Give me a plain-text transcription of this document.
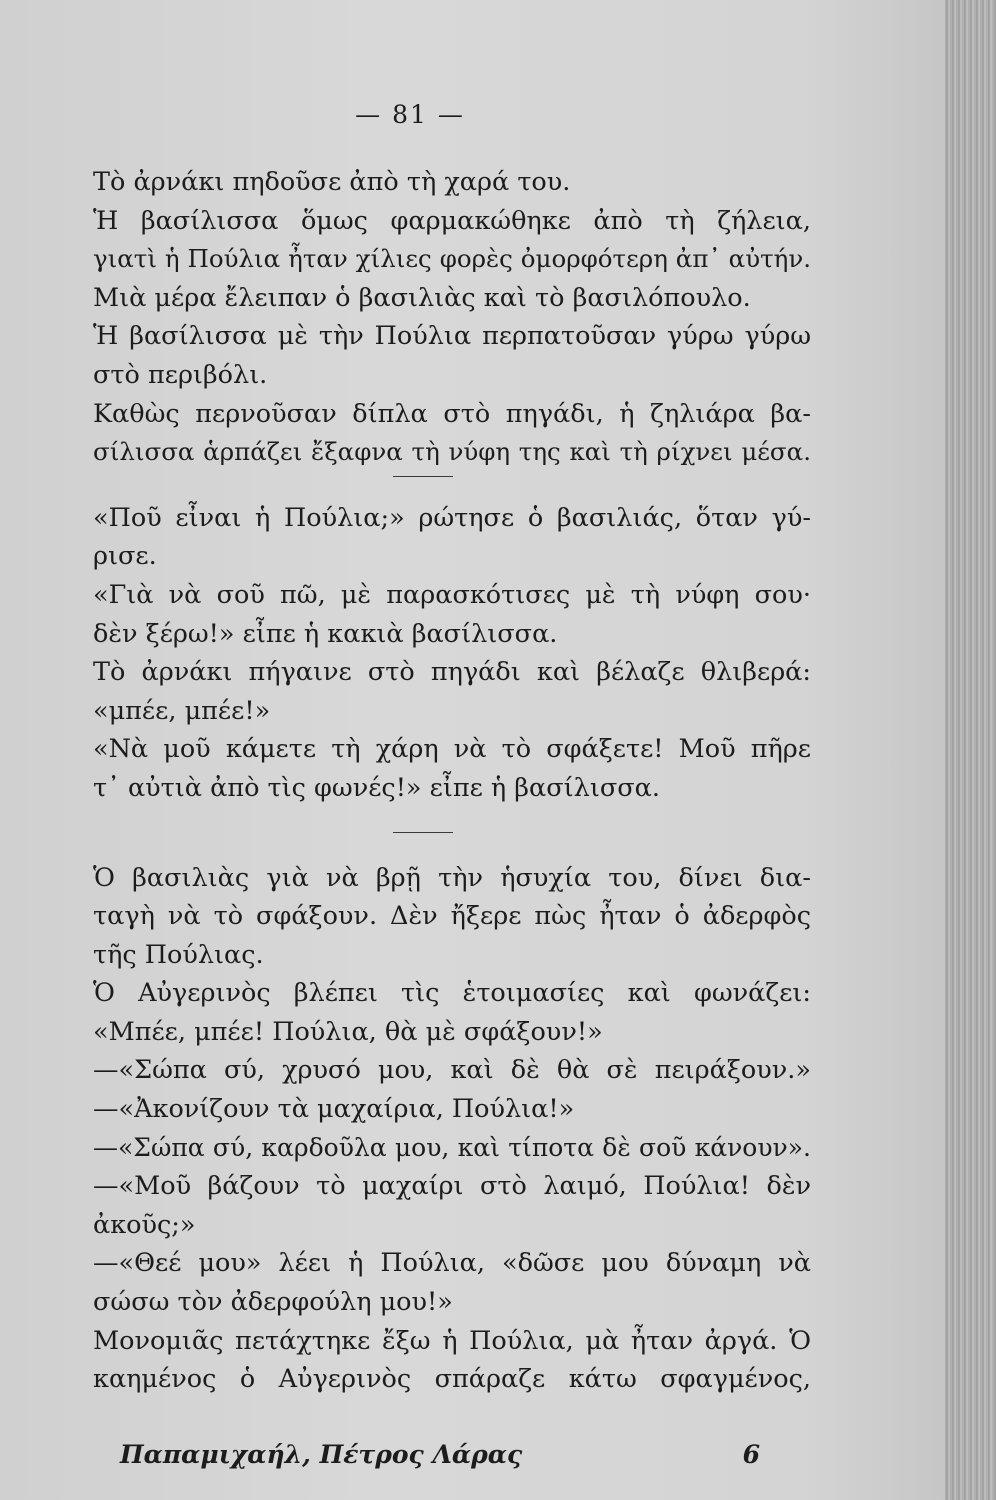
— 81 —
Τὸ ἀρνάκι πηδοῦσε ἀπὸ τὴ χαρά του.
Ἡ βασίλισσα ὅμως φαρμακώθηκε ἀπὸ τὴ ζήλεια,
γιατὶ ἡ Πούλια ἦταν χίλιες φορὲς ὀμορφότερη ἀπ᾽ αὐτήν.
Μιὰ μέρα ἔλειπαν ὁ βασιλιὰς καὶ τὸ βασιλόπουλο.
Ἡ βασίλισσα μὲ τὴν Πούλια περπατοῦσαν γύρω γύρω
στὸ περιβόλι.
Καθὼς περνοῦσαν δίπλα στὸ πηγάδι, ἡ ζηλιάρα βα-
σίλισσα ἁρπάζει ἔξαφνα τὴ νύφη της καὶ τὴ ρίχνει μέσα.
«Ποῦ εἶναι ἡ Πούλια;» ρώτησε ὁ βασιλιάς, ὅταν γύ-
ρισε.
«Γιὰ νὰ σοῦ πῶ, μὲ παρασκότισες μὲ τὴ νύφη σου·
δὲν ξέρω!» εἶπε ἡ κακιὰ βασίλισσα.
Τὸ ἀρνάκι πήγαινε στὸ πηγάδι καὶ βέλαζε θλιβερά:
«μπέε, μπέε!»
«Νὰ μοῦ κάμετε τὴ χάρη νὰ τὸ σφάξετε! Μοῦ πῆρε
τ᾽ αὐτιὰ ἀπὸ τὶς φωνές!» εἶπε ἡ βασίλισσα.
Ὁ βασιλιὰς γιὰ νὰ βρῇ τὴν ἡσυχία του, δίνει δια-
ταγὴ νὰ τὸ σφάξουν. Δὲν ἤξερε πὼς ἦταν ὁ ἀδερφὸς
τῆς Πούλιας.
Ὁ Αὐγερινὸς βλέπει τὶς ἑτοιμασίες καὶ φωνάζει:
«Μπέε, μπέε! Πούλια, θὰ μὲ σφάξουν!»
—«Σώπα σύ, χρυσό μου, καὶ δὲ θὰ σὲ πειράξουν.»
—«Ἀκονίζουν τὰ μαχαίρια, Πούλια!»
—«Σώπα σύ, καρδοῦλα μου, καὶ τίποτα δὲ σοῦ κάνουν».
—«Μοῦ βάζουν τὸ μαχαίρι στὸ λαιμό, Πούλια! δὲν
ἀκοῦς;»
—«Θεέ μου» λέει ἡ Πούλια, «δῶσε μου δύναμη νὰ
σώσω τὸν ἀδερφούλη μου!»
Μονομιᾶς πετάχτηκε ἔξω ἡ Πούλια, μὰ ἦταν ἀργά. Ὁ
καημένος ὁ Αὐγερινὸς σπάραζε κάτω σφαγμένος,
Παπαμιχαήλ, Πέτρος Λάρας	6
